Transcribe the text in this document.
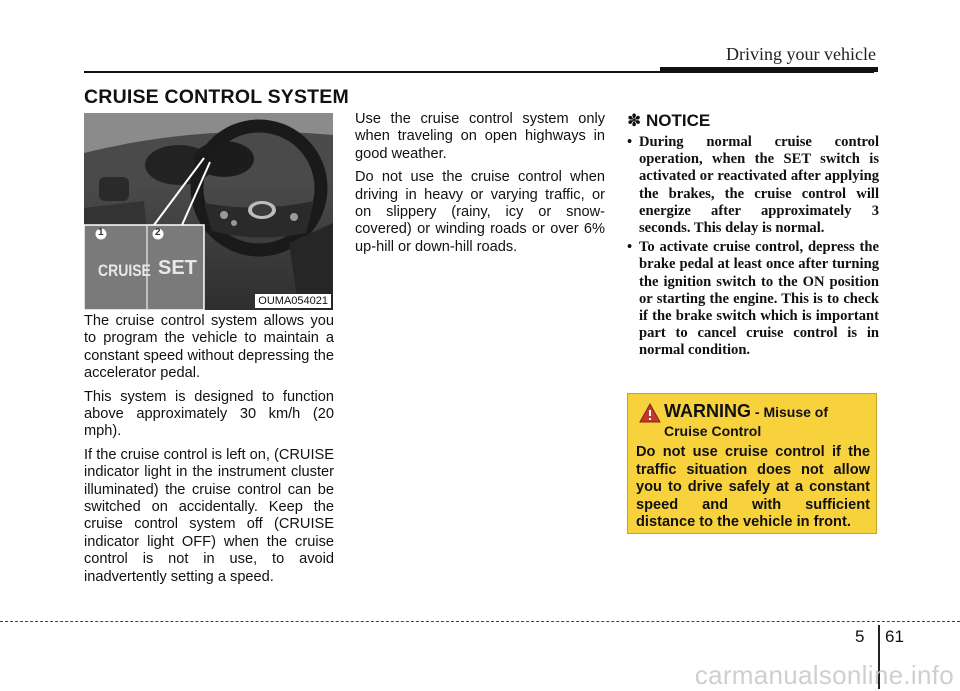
Driving your vehicle
CRUISE CONTROL SYSTEM
1	2
CRUISE SET
OUMA054021

The cruise control system allows you to program the vehicle to maintain a constant speed without depressing the accelerator pedal.

This system is designed to function above approximately 30 km/h (20 mph).

If the cruise control is left on, (CRUISE indicator light in the instrument cluster illuminated) the cruise control can be switched on accidentally. Keep the cruise control system off (CRUISE indicator light OFF) when the cruise control is not in use, to avoid inadvertently setting a speed.

Use the cruise control system only when traveling on open highways in good weather.

Do not use the cruise control when driving in heavy or varying traffic, or on slippery (rainy, icy or snow-covered) or winding roads or over 6% up-hill or down-hill roads.

✽ NOTICE
• During normal cruise control operation, when the SET switch is activated or reactivated after applying the brakes, the cruise control will energize after approximately 3 seconds. This delay is normal.
• To activate cruise control, depress the brake pedal at least once after turning the ignition switch to the ON position or starting the engine. This is to check if the brake switch which is important part to cancel cruise control is in normal condition.
WARNING - Misuse of Cruise Control
Do not use cruise control if the traffic situation does not allow you to drive safely at a constant speed and with sufficient distance to the vehicle in front.
5 61
carmanualsonline.info
